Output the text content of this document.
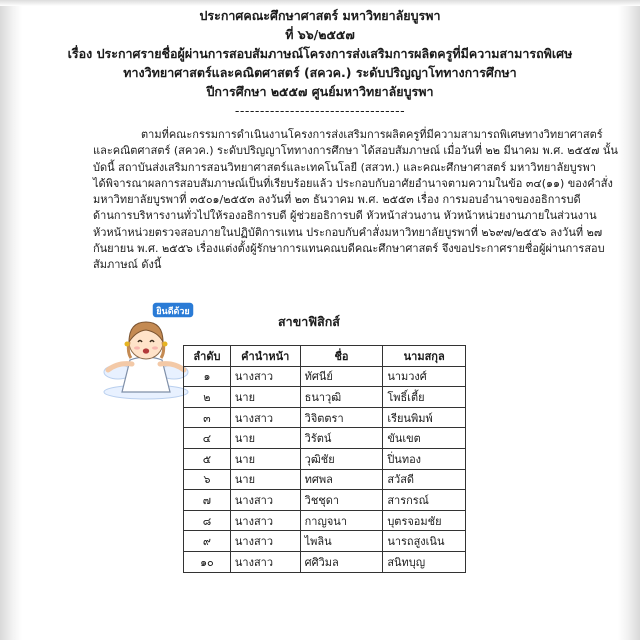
ประกาศคณะศึกษาศาสตร์ มหาวิทยาลัยบูรพา
ที่ ๖๖/๒๕๕๗
เรื่อง ประกาศรายชื่อผู้ผ่านการสอบสัมภาษณ์โครงการส่งเสริมการผลิตครูที่มีความสามารถพิเศษ
ทางวิทยาศาสตร์และคณิตศาสตร์ (สควค.) ระดับปริญญาโททางการศึกษา
ปีการศึกษา ๒๕๕๗ ศูนย์มหาวิทยาลัยบูรพา
----------------------------------
ตามที่คณะกรรมการดำเนินงานโครงการส่งเสริมการผลิตครูที่มีความสามารถพิเศษทางวิทยาศาสตร์
และคณิตศาสตร์ (สควค.) ระดับปริญญาโททางการศึกษา ได้สอบสัมภาษณ์ เมื่อวันที่ ๒๒ มีนาคม พ.ศ. ๒๕๕๗ นั้น
บัดนี้ สถาบันส่งเสริมการสอนวิทยาศาสตร์และเทคโนโลยี (สสวท.) และคณะศึกษาศาสตร์ มหาวิทยาลัยบูรพา
ได้พิจารณาผลการสอบสัมภาษณ์เป็นที่เรียบร้อยแล้ว ประกอบกับอาศัยอำนาจตามความในข้อ ๓๔(๑๑) ของคำสั่ง
มหาวิทยาลัยบูรพาที่ ๓๕๐๑/๒๕๕๓ ลงวันที่ ๒๓ ธันวาคม พ.ศ. ๒๕๕๓ เรื่อง การมอบอำนาจของอธิการบดี
ด้านการบริหารงานทั่วไปให้รองอธิการบดี ผู้ช่วยอธิการบดี หัวหน้าส่วนงาน หัวหน้าหน่วยงานภายในส่วนงาน
หัวหน้าหน่วยตรวจสอบภายในปฏิบัติการแทน ประกอบกับคำสั่งมหาวิทยาลัยบูรพาที่ ๒๖๙๗/๒๕๕๖ ลงวันที่ ๒๗
กันยายน พ.ศ. ๒๕๕๖ เรื่องแต่งตั้งผู้รักษาการแทนคณบดีคณะศึกษาศาสตร์ จึงขอประกาศรายชื่อผู้ผ่านการสอบ
สัมภาษณ์ ดังนี้
ยินดีด้วย
สาขาฟิสิกส์
ลำดับ	คำนำหน้า	ชื่อ	นามสกุล
๑	นางสาว	ทัศนีย์	นามวงศ์
๒	นาย	ธนาวุฒิ	โพธิ์เตี้ย
๓	นางสาว	วิจิตตรา	เรียนพิมพ์
๔	นาย	วิรัตน์	ขันเขต
๕	นาย	วุฒิชัย	ปิ่นทอง
๖	นาย	ทศพล	สวัสดี
๗	นางสาว	วิชชุดา	สารกรณ์
๘	นางสาว	กาญจนา	บุตรจอมชัย
๙	นางสาว	ไพลิน	นารถสูงเนิน
๑๐	นางสาว	ศศิวิมล	สนิทบุญ
